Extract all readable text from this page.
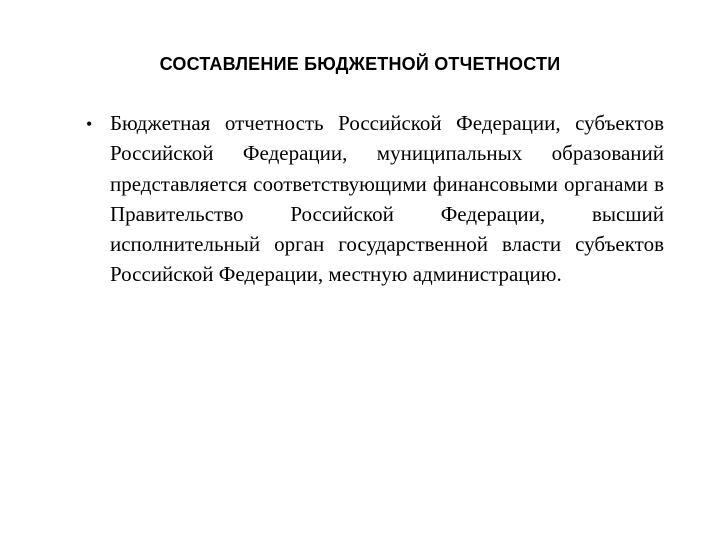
СОСТАВЛЕНИЕ БЮДЖЕТНОЙ ОТЧЕТНОСТИ
• Бюджетная отчетность Российской Федерации, субъектов Российской Федерации, муниципальных образований представляется соответствующими финансовыми органами в Правительство Российской Федерации, высший исполнительный орган государственной власти субъектов Российской Федерации, местную администрацию.
